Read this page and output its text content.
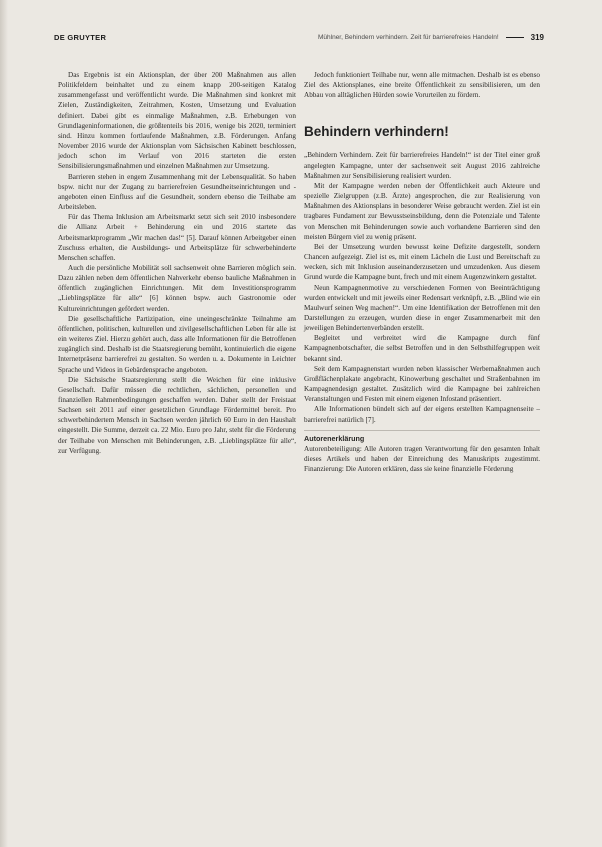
DE GRUYTER	Mühlner, Behindern verhindern. Zeit für barrierefreies Handeln!	319

Das Ergebnis ist ein Aktionsplan, der über 200 Maßnahmen aus allen Politikfeldern beinhaltet und zu einem knapp 200-seitigen Katalog zusammengefasst und veröffentlicht wurde. Die Maßnahmen sind konkret mit Zielen, Zuständigkeiten, Zeitrahmen, Kosten, Umsetzung und Evaluation definiert. Dabei gibt es einmalige Maßnahmen, z.B. Erhebungen von Grundlageninformationen, die größtenteils bis 2016, wenige bis 2020, terminiert sind. Hinzu kommen fortlaufende Maßnahmen, z.B. Förderungen. Anfang November 2016 wurde der Aktionsplan vom Sächsischen Kabinett beschlossen, jedoch schon im Verlauf von 2016 starteten die ersten Sensibilisierungsmaßnahmen und einzelnen Maßnahmen zur Umsetzung.

Barrieren stehen in engem Zusammenhang mit der Lebensqualität. So haben bspw. nicht nur der Zugang zu barrierefreien Gesundheitseinrichtungen und -angeboten einen Einfluss auf die Gesundheit, sondern ebenso die Teilhabe am Arbeitsleben.

Für das Thema Inklusion am Arbeitsmarkt setzt sich seit 2010 insbesondere die Allianz Arbeit + Behinderung ein und 2016 startete das Arbeitsmarktprogramm „Wir machen das!“ [5]. Darauf können Arbeitgeber einen Zuschuss erhalten, die Ausbildungs- und Arbeitsplätze für schwerbehinderte Menschen schaffen.

Auch die persönliche Mobilität soll sachsenweit ohne Barrieren möglich sein. Dazu zählen neben dem öffentlichen Nahverkehr ebenso bauliche Maßnahmen in öffentlich zugänglichen Einrichtungen. Mit dem Investitionsprogramm „Lieblingsplätze für alle“ [6] können bspw. auch Gastronomie oder Kultureinrichtungen gefördert werden.

Die gesellschaftliche Partizipation, eine uneingeschränkte Teilnahme am öffentlichen, politischen, kulturellen und zivilgesellschaftlichen Leben für alle ist ein weiteres Ziel. Hierzu gehört auch, dass alle Informationen für die Betroffenen zugänglich sind. Deshalb ist die Staatsregierung bemüht, kontinuierlich die eigene Internetpräsenz barrierefrei zu gestalten. So werden u. a. Dokumente in Leichter Sprache und Videos in Gebärdensprache angeboten.

Die Sächsische Staatsregierung stellt die Weichen für eine inklusive Gesellschaft. Dafür müssen die rechtlichen, sächlichen, personellen und finanziellen Rahmenbedingungen geschaffen werden. Daher stellt der Freistaat Sachsen seit 2011 auf einer gesetzlichen Grundlage Fördermittel bereit. Pro schwerbehindertem Mensch in Sachsen werden jährlich 60 Euro in den Haushalt eingestellt. Die Summe, derzeit ca. 22 Mio. Euro pro Jahr, steht für die Förderung der Teilhabe von Menschen mit Behinderungen, z.B. „Lieblingsplätze für alle“, zur Verfügung.

Jedoch funktioniert Teilhabe nur, wenn alle mitmachen. Deshalb ist es ebenso Ziel des Aktionsplanes, eine breite Öffentlichkeit zu sensibilisieren, um den Abbau von alltäglichen Hürden sowie Vorurteilen zu fördern.

Behindern verhindern!

„Behindern Verhindern. Zeit für barrierefreies Handeln!“ ist der Titel einer groß angelegten Kampagne, unter der sachsenweit seit August 2016 zahlreiche Maßnahmen zur Sensibilisierung realisiert wurden.

Mit der Kampagne werden neben der Öffentlichkeit auch Akteure und spezielle Zielgruppen (z.B. Ärzte) angesprochen, die zur Realisierung von Maßnahmen des Aktionsplans in besonderer Weise gebraucht werden. Ziel ist ein tragbares Fundament zur Bewusstseinsbildung, denn die Potenziale und Talente von Menschen mit Behinderungen sowie auch vorhandene Barrieren sind den meisten Bürgern viel zu wenig präsent.

Bei der Umsetzung wurden bewusst keine Defizite dargestellt, sondern Chancen aufgezeigt. Ziel ist es, mit einem Lächeln die Lust und Bereitschaft zu wecken, sich mit Inklusion auseinanderzusetzen und umzudenken. Aus diesem Grund wurde die Kampagne bunt, frech und mit einem Augenzwinkern gestaltet.

Neun Kampagnenmotive zu verschiedenen Formen von Beeinträchtigung wurden entwickelt und mit jeweils einer Redensart verknüpft, z.B. „Blind wie ein Maulwurf seinen Weg machen!“. Um eine Identifikation der Betroffenen mit den Darstellungen zu erzeugen, wurden diese in enger Zusammenarbeit mit den jeweiligen Behindertenverbänden erstellt.

Begleitet und verbreitet wird die Kampagne durch fünf Kampagnenbotschafter, die selbst Betroffen und in den Selbsthilfegruppen weit bekannt sind.

Seit dem Kampagnenstart wurden neben klassischer Werbemaßnahmen auch Großflächenplakate angebracht, Kinowerbung geschaltet und Straßenbahnen im Kampagnendesign gestaltet. Zusätzlich wird die Kampagne bei zahlreichen Veranstaltungen und Festen mit einem eigenen Infostand präsentiert.

Alle Informationen bündelt sich auf der eigens erstellten Kampagnenseite – barrierefrei natürlich [7].

Autorenerklärung

Autorenbeteiligung: Alle Autoren tragen Verantwortung für den gesamten Inhalt dieses Artikels und haben der Einreichung des Manuskripts zugestimmt. Finanzierung: Die Autoren erklären, dass sie keine finanzielle Förderung
